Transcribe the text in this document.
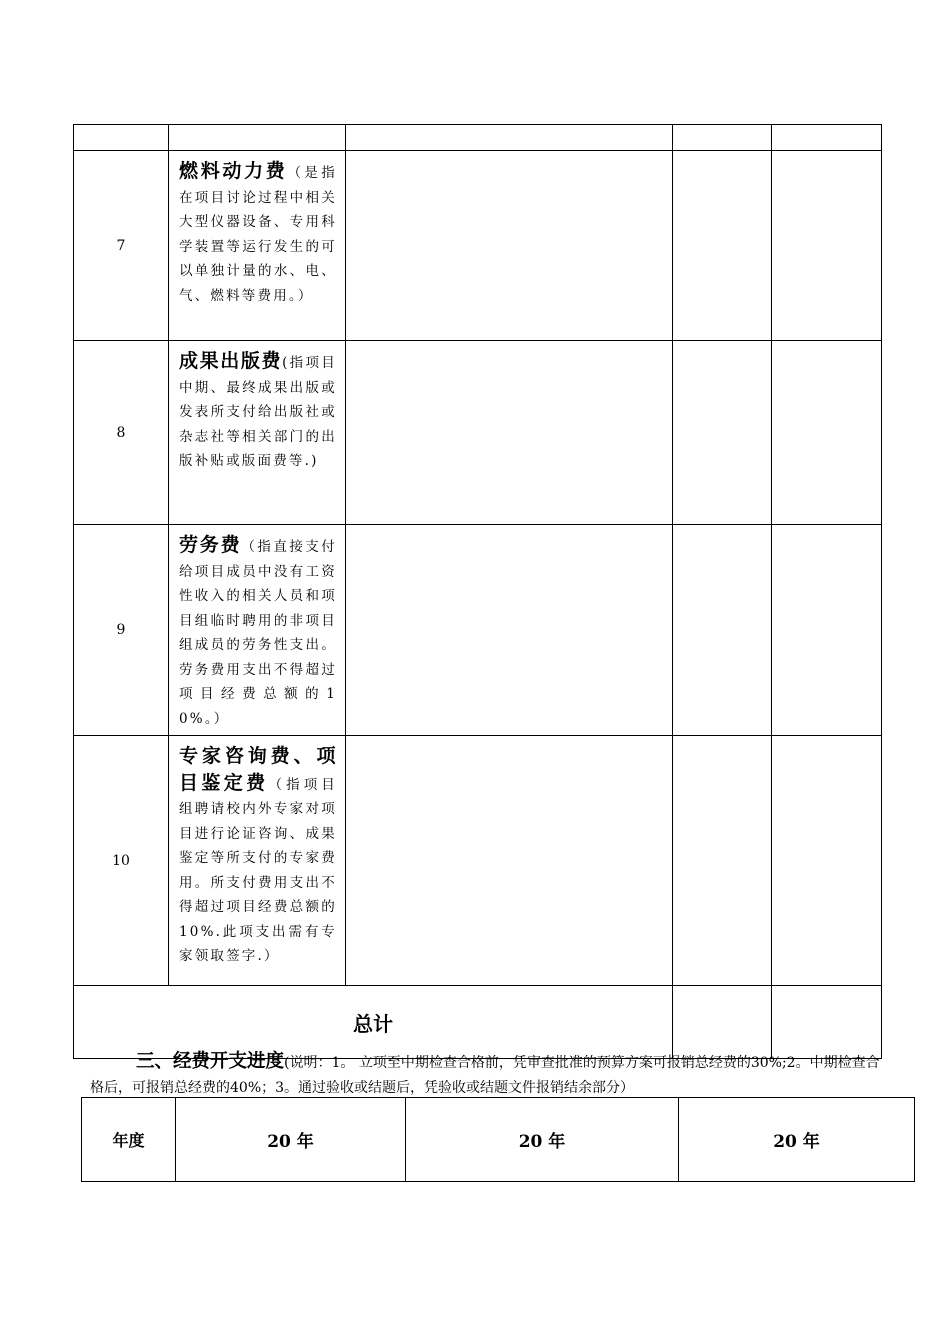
7	燃料动力费（是指在项目讨论过程中相关大型仪器设备、专用科学装置等运行发生的可以单独计量的水、电、气、燃料等费用。）			

8	成果出版费(指项目中期、最终成果出版或发表所支付给出版社或杂志社等相关部门的出版补贴或版面费等.)			

9	劳务费（指直接支付给项目成员中没有工资性收入的相关人员和项目组临时聘用的非项目组成员的劳务性支出。劳务费用支出不得超过项目经费总额的10%。）			

10	专家咨询费、项目鉴定费（指项目组聘请校内外专家对项目进行论证咨询、成果鉴定等所支付的专家费用。所支付费用支出不得超过项目经费总额的10%.此项支出需有专家领取签字.）			

总计				
三、经费开支进度(说明：1。 立项至中期检查合格前，凭审查批准的预算方案可报销总经费的30%;2。中期检查合格后，可报销总经费的40%；3。通过验收或结题后，凭验收或结题文件报销结余部分）
年度	20 年	20 年	20 年
